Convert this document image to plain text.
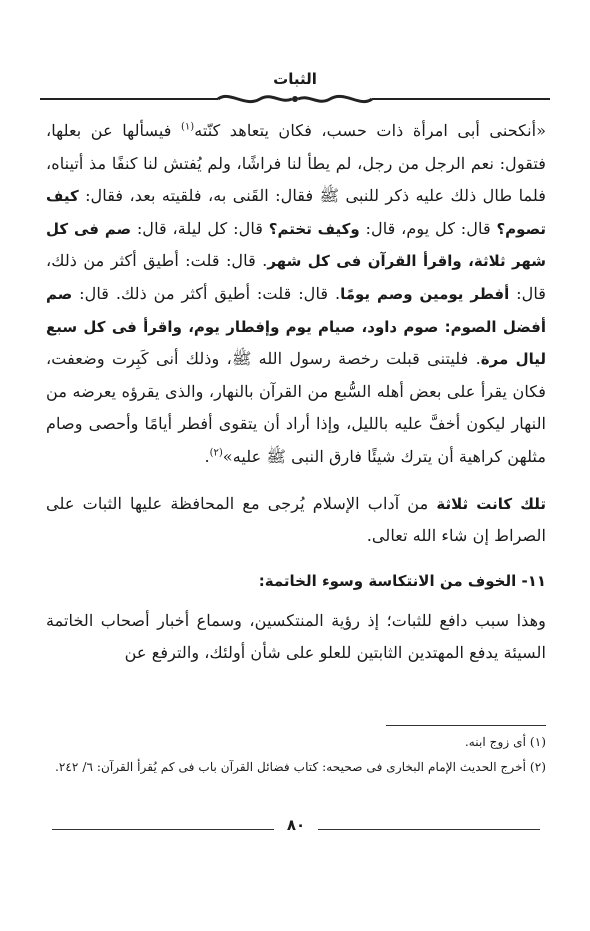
الثبات

«أنكحنى أبى امرأة ذات حسب، فكان يتعاهد كنّته$^{(١)}$ فيسألها عن بعلها، فتقول: نعم الرجل من رجل، لم يطأ لنا فراشًا، ولم يُفتش لنا كنفًا مذ أتيناه، فلما طال ذلك عليه ذكر للنبى ﷺ فقال: القَنى به، فلقيته بعد، فقال: كيف تصوم؟ قال: كل يوم، قال: وكيف تختم؟ قال: كل ليلة، قال: صم فى كل شهر ثلاثة، واقرأ القرآن فى كل شهر. قال: قلت: أطيق أكثر من ذلك، قال: أفطر يومين وصم يومًا. قال: قلت: أطيق أكثر من ذلك. قال: صم أفضل الصوم: صوم داود، صيام يوم وإفطار يوم، واقرأ فى كل سبع ليال مرة. فليتنى قبلت رخصة رسول الله ﷺ، وذلك أنى كَبِرت وضعفت، فكان يقرأ على بعض أهله السُّبع من القرآن بالنهار، والذى يقرؤه يعرضه من النهار ليكون أخفَّ عليه بالليل، وإذا أراد أن يتقوى أفطر أيامًا وأحصى وصام مثلهن كراهية أن يترك شيئًا فارق النبى ﷺ عليه»$^{(٢)}$.

تلك كانت ثلاثة من آداب الإسلام يُرجى مع المحافظة عليها الثبات على الصراط إن شاء الله تعالى.

١١- الخوف من الانتكاسة وسوء الخاتمة:

وهذا سبب دافع للثبات؛ إذ رؤية المنتكسين، وسماع أخبار أصحاب الخاتمة السيئة يدفع المهتدين الثابتين للعلو على شأن أولئك، والترفع عن

(١) أى زوج ابنه.

(٢) أخرج الحديث الإمام البخارى فى صحيحه: كتاب فضائل القرآن باب فى كم يُقرأ القرآن: ٦/ ٢٤٢.

٨٠
